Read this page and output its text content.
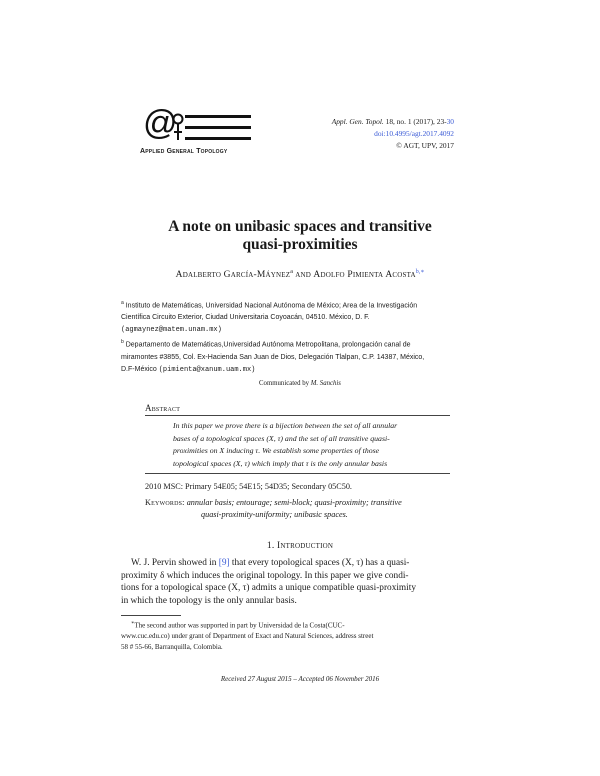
@
Applied General Topology
Appl. Gen. Topol. 18, no. 1 (2017), 23-30
doi:10.4995/agt.2017.4092
© AGT, UPV, 2017
A note on unibasic spaces and transitive
quasi-proximities
Adalberto García-Máynez$^a$ and Adolfo Pimienta Acosta$^{b,∗}$
$^a$ Instituto de Matemáticas, Universidad Nacional Autónoma de México; Area de la Investigación
Científica Circuito Exterior, Ciudad Universitaria Coyoacán, 04510. México, D. F.
(agmaynez@matem.unam.mx)
$^b$ Departamento de Matemáticas,Universidad Autónoma Metropolitana, prolongación canal de
miramontes #3855, Col. Ex-Hacienda San Juan de Dios, Delegación Tlalpan, C.P. 14387, México,
D.F-México (pimienta@xanum.uam.mx)
Communicated by M. Sanchis
Abstract
In this paper we prove there is a bijection between the set of all annular
bases of a topological spaces (X, τ) and the set of all transitive quasi-
proximities on X inducing τ. We establish some properties of those
topological spaces (X, τ) which imply that τ is the only annular basis
2010 MSC: Primary 54E05; 54E15; 54D35; Secondary 05C50.
Keywords: annular basis; entourage; semi-block; quasi-proximity; transitive
quasi-proximity-uniformity; unibasic spaces.
1. Introduction
W. J. Pervin showed in [9] that every topological spaces (X, τ) has a quasi-
proximity δ which induces the original topology. In this paper we give condi-
tions for a topological space (X, τ) admits a unique compatible quasi-proximity
in which the topology is the only annular basis.
∗The second author was supported in part by Universidad de la Costa(CUC-
www.cuc.edu.co) under grant of Department of Exact and Natural Sciences, address street
58 # 55-66, Barranquilla, Colombia.
Received 27 August 2015 – Accepted 06 November 2016
